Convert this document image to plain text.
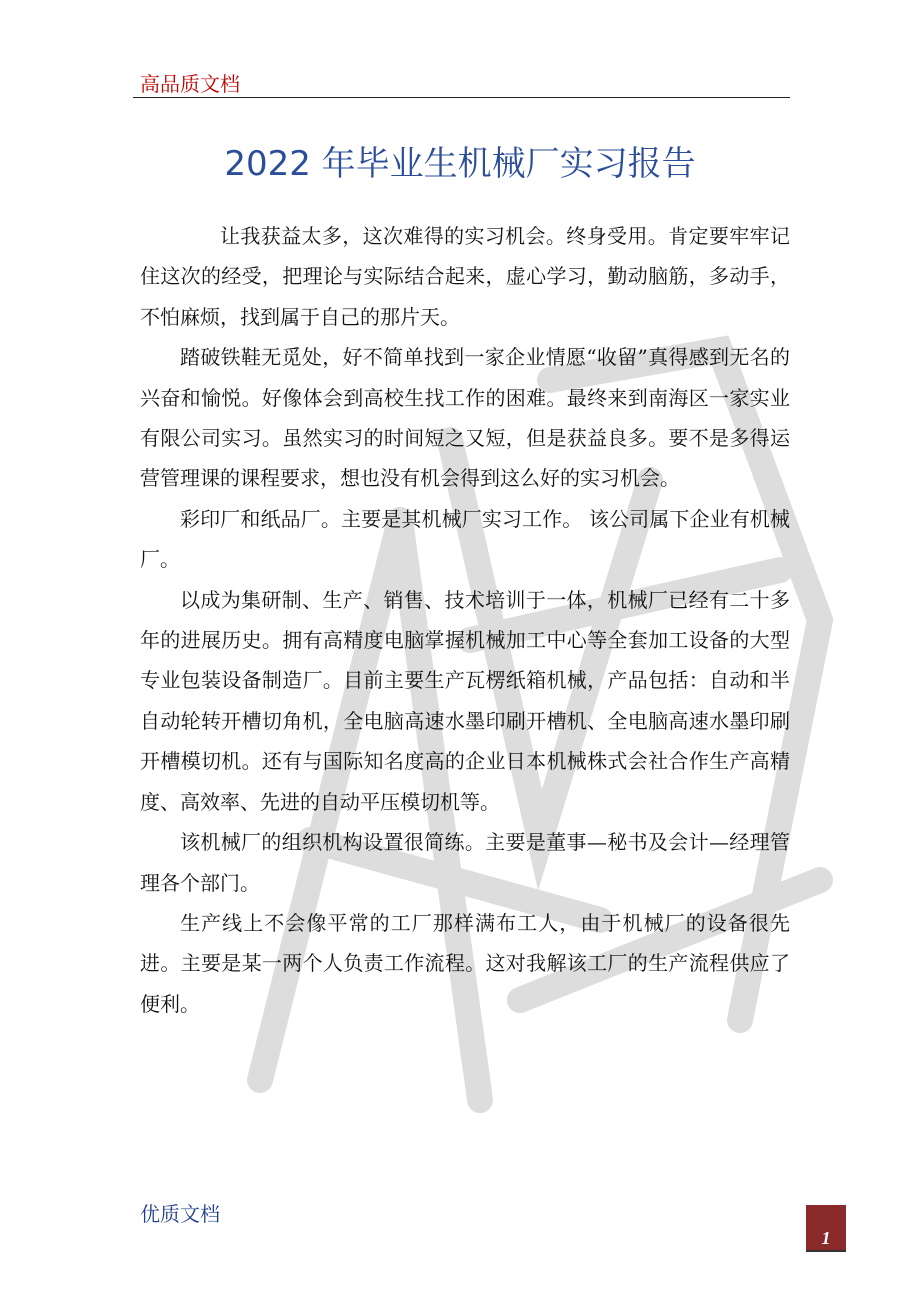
高品质文档
2022 年毕业生机械厂实习报告

让我获益太多，这次难得的实习机会。终身受用。肯定要牢牢记住这次的经受，把理论与实际结合起来，虚心学习，勤动脑筋，多动手，不怕麻烦，找到属于自己的那片天。

踏破铁鞋无觅处，好不简单找到一家企业情愿“收留”真得感到无名的兴奋和愉悦。好像体会到高校生找工作的困难。最终来到南海区一家实业有限公司实习。虽然实习的时间短之又短，但是获益良多。要不是多得运营管理课的课程要求，想也没有机会得到这么好的实习机会。

彩印厂和纸品厂。主要是其机械厂实习工作。 该公司属下企业有机械厂。

以成为集研制、生产、销售、技术培训于一体，机械厂已经有二十多年的进展历史。拥有高精度电脑掌握机械加工中心等全套加工设备的大型专业包装设备制造厂。目前主要生产瓦楞纸箱机械，产品包括：自动和半自动轮转开槽切角机，全电脑高速水墨印刷开槽机、全电脑高速水墨印刷开槽模切机。还有与国际知名度高的企业日本机械株式会社合作生产高精度、高效率、先进的自动平压模切机等。

该机械厂的组织机构设置很简练。主要是董事—秘书及会计—经理管理各个部门。

生产线上不会像平常的工厂那样满布工人，由于机械厂的设备很先进。主要是某一两个人负责工作流程。这对我解该工厂的生产流程供应了便利。

优质文档
1
